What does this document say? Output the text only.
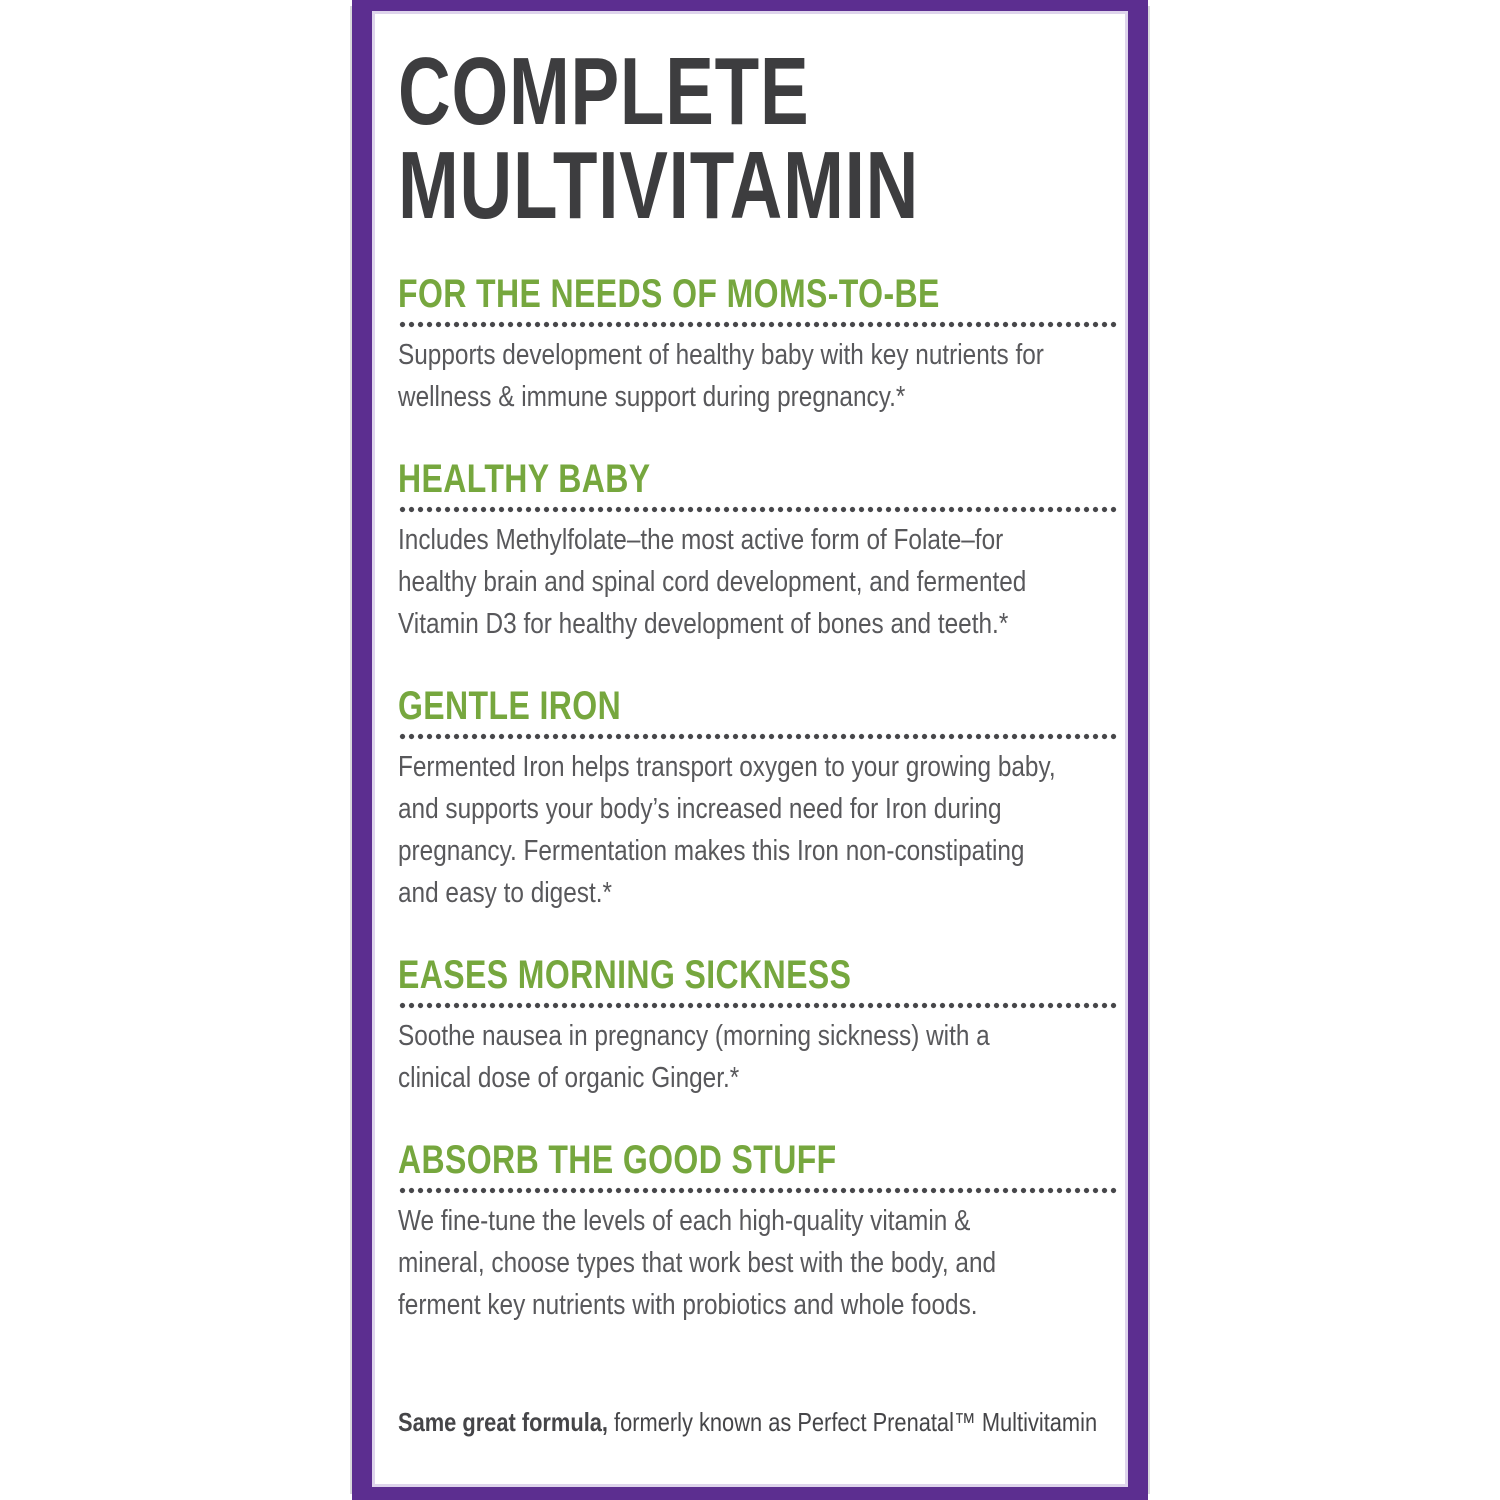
COMPLETE
MULTIVITAMIN
FOR THE NEEDS OF MOMS-TO-BE

Supports development of healthy baby with key nutrients for

wellness & immune support during pregnancy.*

HEALTHY BABY

Includes Methylfolate–the most active form of Folate–for

healthy brain and spinal cord development, and fermented

Vitamin D3 for healthy development of bones and teeth.*

GENTLE IRON

Fermented Iron helps transport oxygen to your growing baby,

and supports your body’s increased need for Iron during

pregnancy. Fermentation makes this Iron non-constipating

and easy to digest.*

EASES MORNING SICKNESS

Soothe nausea in pregnancy (morning sickness) with a

clinical dose of organic Ginger.*

ABSORB THE GOOD STUFF

We fine-tune the levels of each high-quality vitamin &

mineral, choose types that work best with the body, and

ferment key nutrients with probiotics and whole foods.

Same great formula, formerly known as Perfect Prenatal™ Multivitamin
